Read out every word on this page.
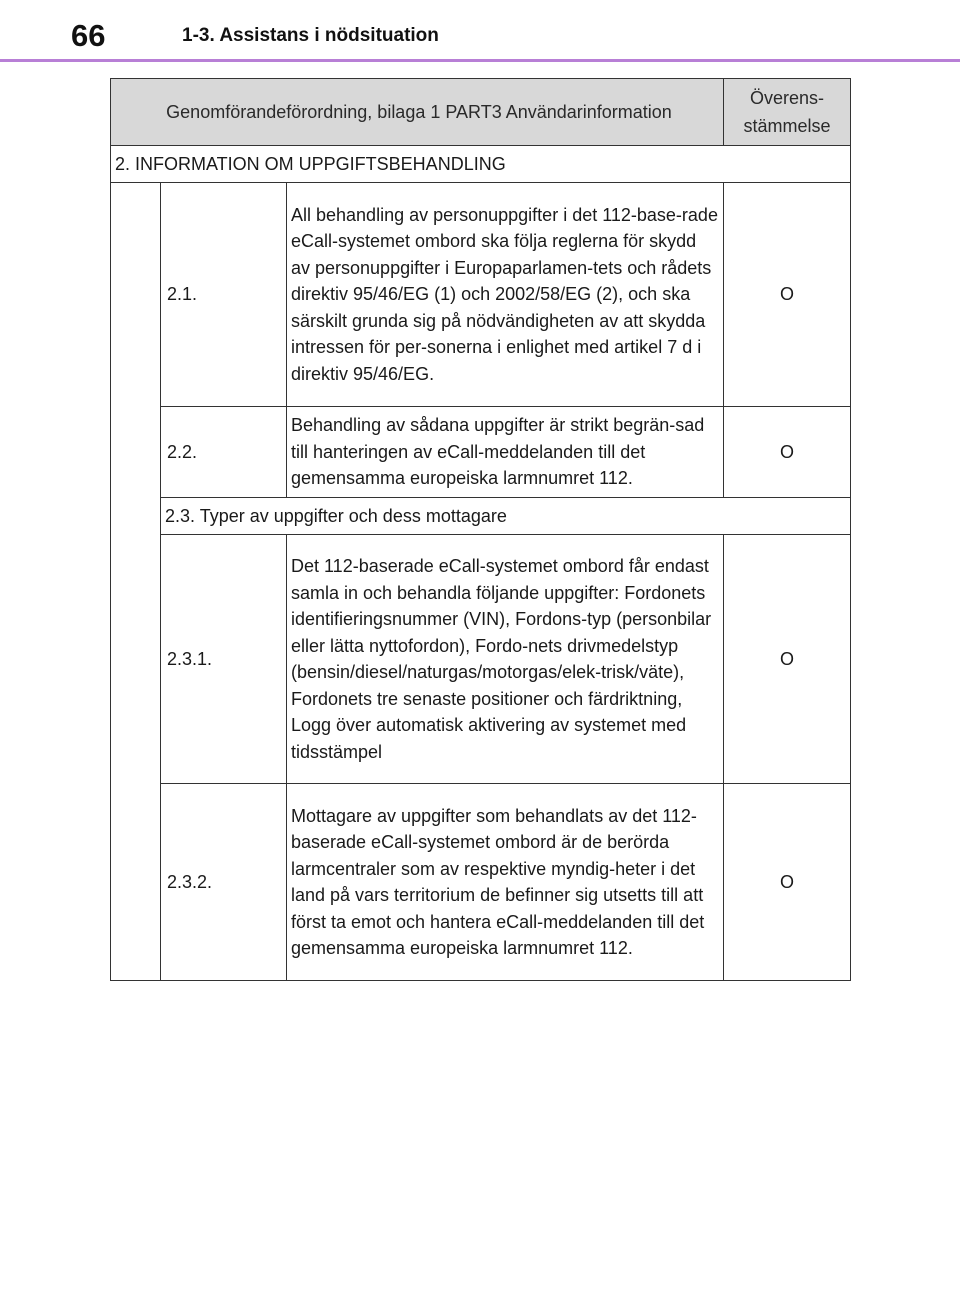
66	1-3. Assistans i nödsituation
Genomförandeförordning, bilaga 1 PART3 Användarinformation			Överens-stämmelse
2. INFORMATION OM UPPGIFTSBEHANDLING			
	2.1.	All behandling av personuppgifter i det 112-base-rade eCall-systemet ombord ska följa reglerna för skydd av personuppgifter i Europaparlamen-tets och rådets direktiv 95/46/EG (1) och 2002/58/EG (2), och ska särskilt grunda sig på nödvändigheten av att skydda intressen för per-sonerna i enlighet med artikel 7 d i direktiv 95/46/EG.	O
	2.2.	Behandling av sådana uppgifter är strikt begrän-sad till hanteringen av eCall-meddelanden till det gemensamma europeiska larmnumret 112.	O
	2.3. Typer av uppgifter och dess mottagare		
	2.3.1.	Det 112-baserade eCall-systemet ombord får endast samla in och behandla följande uppgifter: Fordonets identifieringsnummer (VIN), Fordons-typ (personbilar eller lätta nyttofordon), Fordo-nets drivmedelstyp (bensin/diesel/naturgas/motorgas/elek-trisk/väte), Fordonets tre senaste positioner och färdriktning, Logg över automatisk aktivering av systemet med tidsstämpel	O
	2.3.2.	Mottagare av uppgifter som behandlats av det 112-baserade eCall-systemet ombord är de berörda larmcentraler som av respektive myndig-heter i det land på vars territorium de befinner sig utsetts till att först ta emot och hantera eCall-meddelanden till det gemensamma europeiska larmnumret 112.	O
